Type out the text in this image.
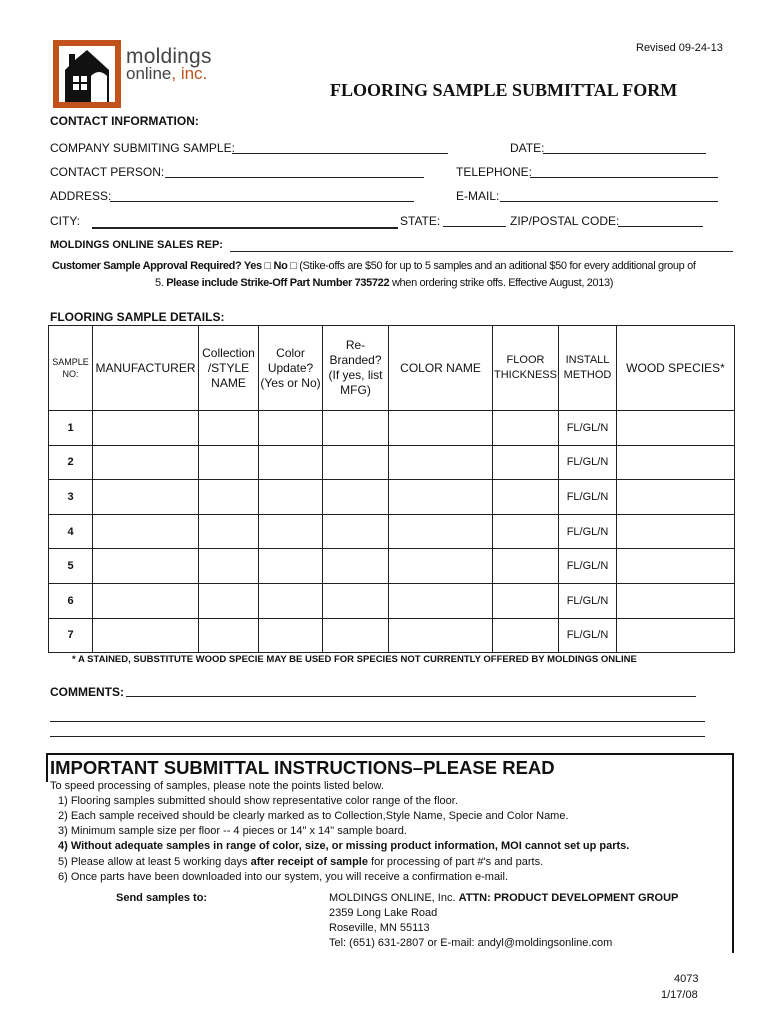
Revised 09-24-13
moldings
online, inc.
FLOORING SAMPLE SUBMITTAL FORM
CONTACT INFORMATION:
COMPANY SUBMITING SAMPLE:	DATE:
CONTACT PERSON:	TELEPHONE:
ADDRESS:	E-MAIL:
CITY:	STATE:	ZIP/POSTAL CODE:
MOLDINGS ONLINE SALES REP:
Customer Sample Approval Required? Yes □ No □ (Stike-offs are $50 for up to 5 samples and an aditional $50 for every additional group of
5. Please include Strike-Off Part Number 735722 when ordering strike offs. Effective August, 2013)
FLOORING SAMPLE DETAILS:
SAMPLE NO:	MANUFACTURER	Collection /STYLE NAME	Color Update? (Yes or No)	Re-Branded? (If yes, list MFG)	COLOR NAME	FLOOR THICKNESS	INSTALL METHOD	WOOD SPECIES*
1							FL/GL/N	
2							FL/GL/N	
3							FL/GL/N	
4							FL/GL/N	
5							FL/GL/N	
6							FL/GL/N	
7							FL/GL/N	
* A STAINED, SUBSTITUTE WOOD SPECIE MAY BE USED FOR SPECIES NOT CURRENTLY OFFERED BY MOLDINGS ONLINE
COMMENTS:
IMPORTANT SUBMITTAL INSTRUCTIONS–PLEASE READ
To speed processing of samples, please note the points listed below.
1) Flooring samples submitted should show representative color range of the floor.
2) Each sample received should be clearly marked as to Collection,Style Name, Specie and Color Name.
3) Minimum sample size per floor -- 4 pieces or 14" x 14" sample board.
4) Without adequate samples in range of color, size, or missing product information, MOI cannot set up parts.
5) Please allow at least 5 working days after receipt of sample for processing of part #'s and parts.
6) Once parts have been downloaded into our system, you will receive a confirmation e-mail.
Send samples to:	MOLDINGS ONLINE, Inc. ATTN: PRODUCT DEVELOPMENT GROUP
2359 Long Lake Road
Roseville, MN 55113
Tel: (651) 631-2807 or E-mail: andyl@moldingsonline.com
4073
1/17/08
